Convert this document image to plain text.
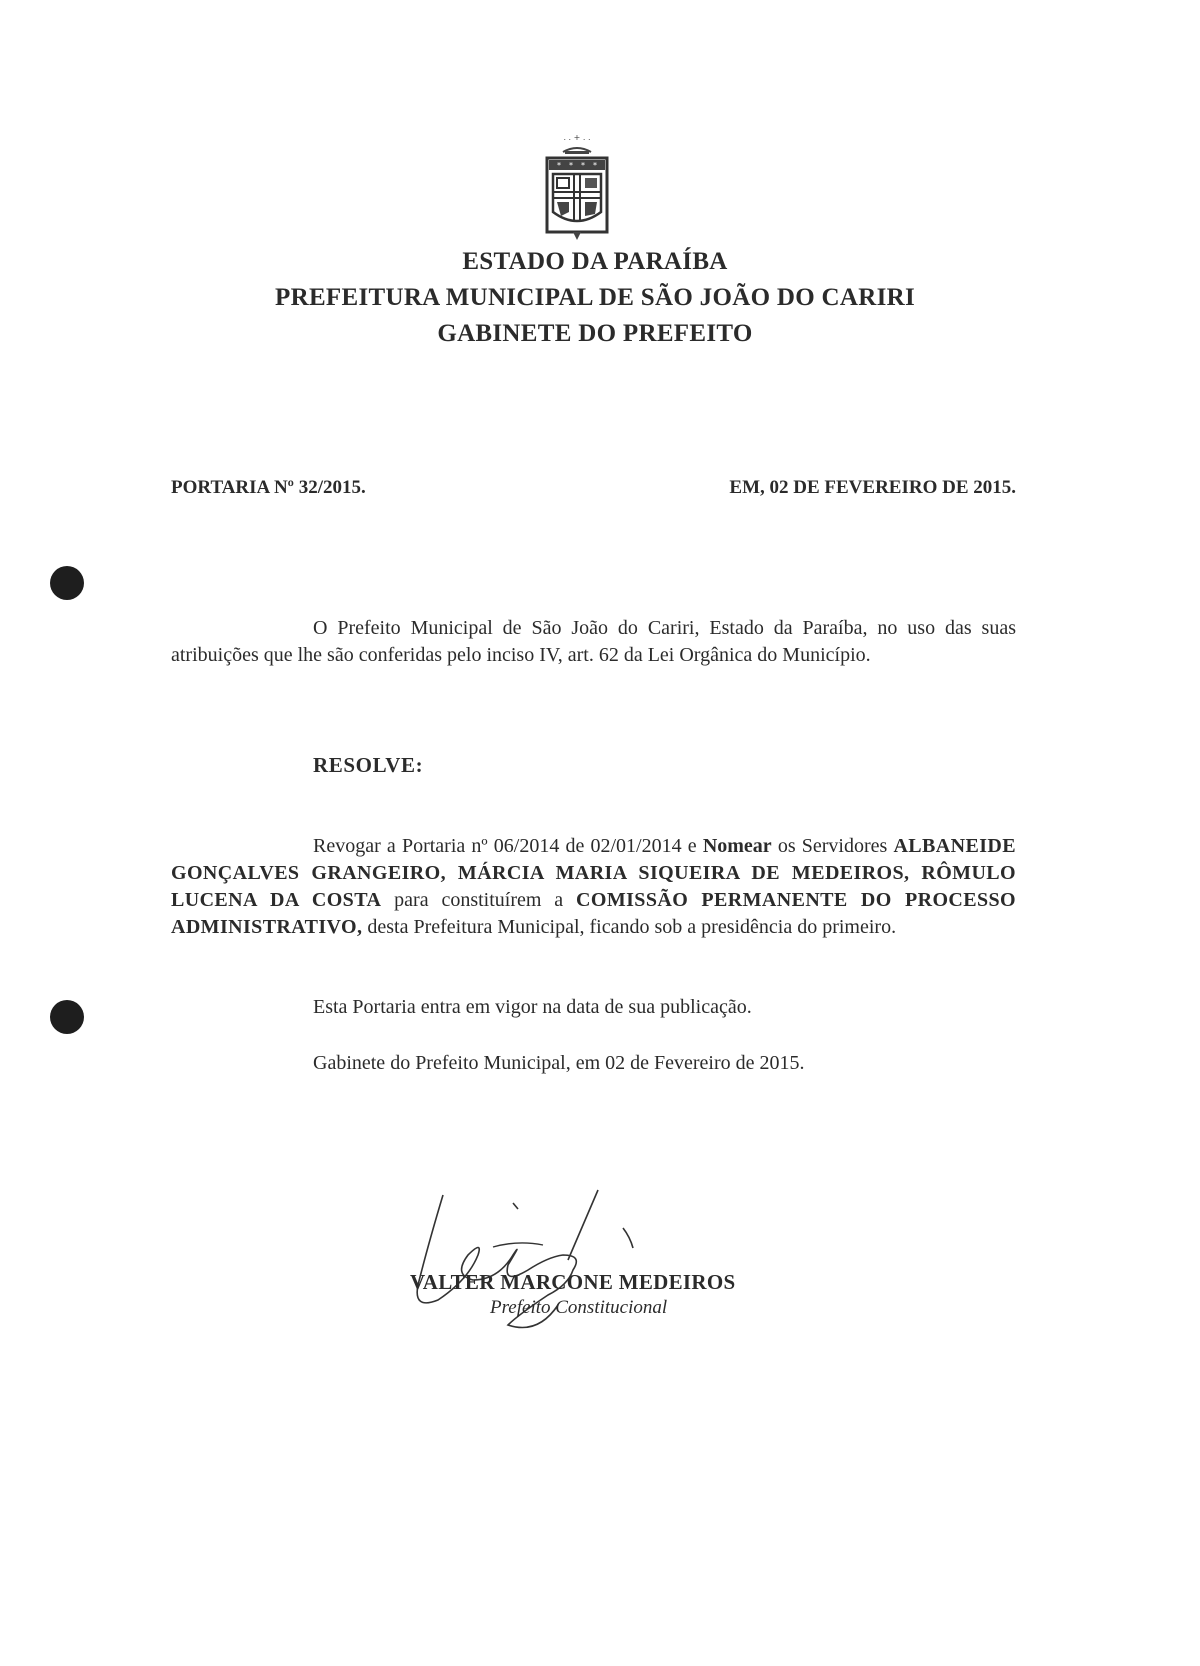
. . + . .
* * * *
ESTADO DA PARAÍBA
PREFEITURA MUNICIPAL DE SÃO JOÃO DO CARIRI
GABINETE DO PREFEITO
PORTARIA Nº 32/2015.	EM, 02 DE FEVEREIRO DE 2015.

O Prefeito Municipal de São João do Cariri, Estado da Paraíba, no uso das suas atribuições que lhe são conferidas pelo inciso IV, art. 62 da Lei Orgânica do Município.

RESOLVE:

Revogar a Portaria nº 06/2014 de 02/01/2014 e Nomear os Servidores ALBANEIDE GONÇALVES GRANGEIRO, MÁRCIA MARIA SIQUEIRA DE MEDEIROS, RÔMULO LUCENA DA COSTA para constituírem a COMISSÃO PERMANENTE DO PROCESSO ADMINISTRATIVO, desta Prefeitura Municipal, ficando sob a presidência do primeiro.

Esta Portaria entra em vigor na data de sua publicação.

Gabinete do Prefeito Municipal, em 02 de Fevereiro de 2015.

VALTER MARCONE MEDEIROS
Prefeito Constitucional
